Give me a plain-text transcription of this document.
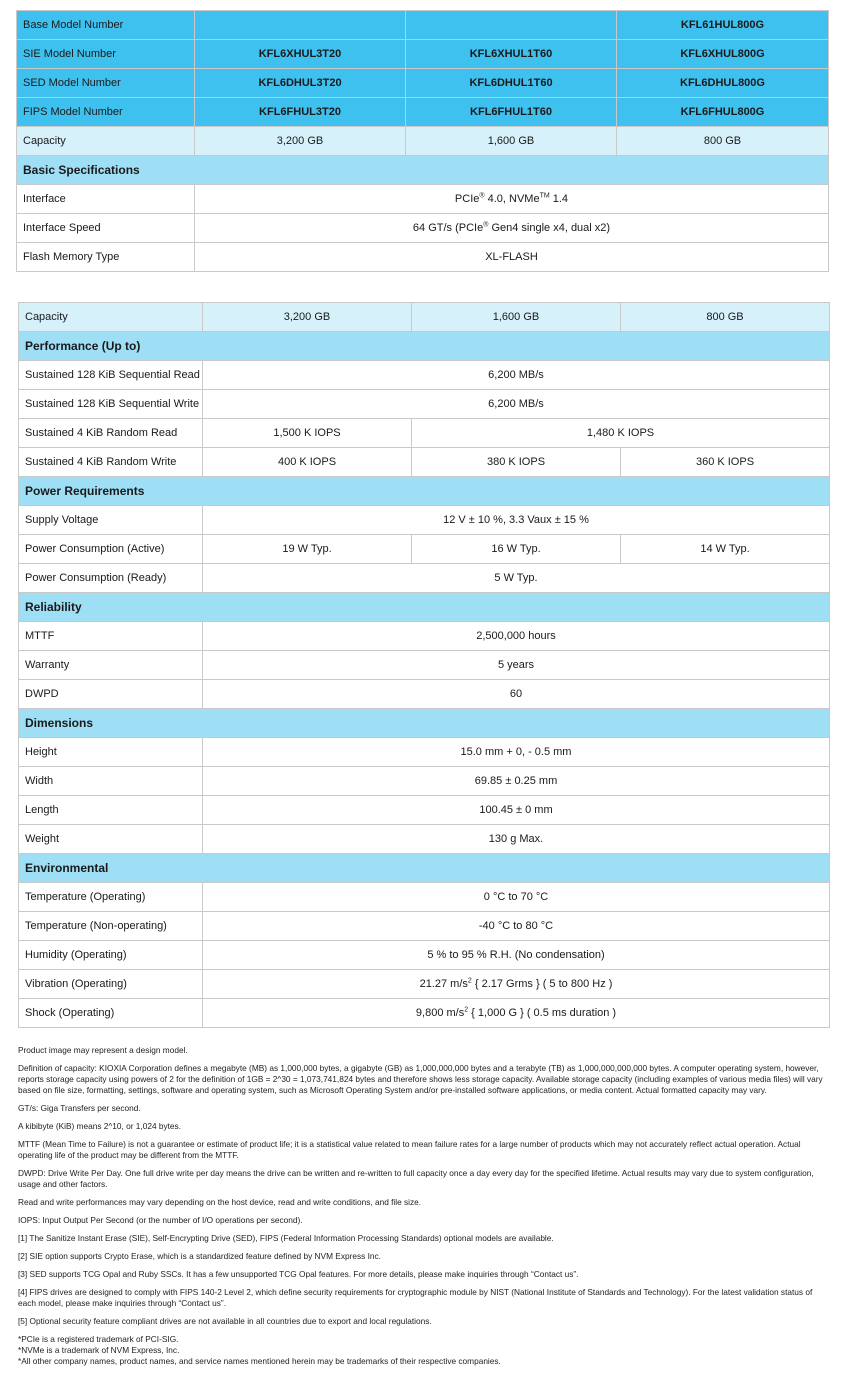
Base Model Number			KFL61HUL800G
SIE Model Number	KFL6XHUL3T20	KFL6XHUL1T60	KFL6XHUL800G
SED Model Number	KFL6DHUL3T20	KFL6DHUL1T60	KFL6DHUL800G
FIPS Model Number	KFL6FHUL3T20	KFL6FHUL1T60	KFL6FHUL800G
Capacity	3,200 GB	1,600 GB	800 GB
Basic Specifications			
Interface	PCIe® 4.0, NVMe™ 1.4		
Interface Speed	64 GT/s (PCIe® Gen4 single x4, dual x2)		
Flash Memory Type	XL-FLASH		
Capacity	3,200 GB	1,600 GB	800 GB
Performance (Up to)			
Sustained 128 KiB Sequential Read	6,200 MB/s		
Sustained 128 KiB Sequential Write	6,200 MB/s		
Sustained 4 KiB Random Read	1,500 K IOPS	1,480 K IOPS	
Sustained 4 KiB Random Write	400 K IOPS	380 K IOPS	360 K IOPS
Power Requirements			
Supply Voltage	12 V ± 10 %, 3.3 Vaux ± 15 %		
Power Consumption (Active)	19 W Typ.	16 W Typ.	14 W Typ.
Power Consumption (Ready)	5 W Typ.		
Reliability			
MTTF	2,500,000 hours		
Warranty	5 years		
DWPD	60		
Dimensions			
Height	15.0 mm + 0, - 0.5 mm		
Width	69.85 ± 0.25 mm		
Length	100.45 ± 0 mm		
Weight	130 g Max.		
Environmental			
Temperature (Operating)	0 °C to 70 °C		
Temperature (Non-operating)	-40 °C to 80 °C		
Humidity (Operating)	5 % to 95 % R.H. (No condensation)		
Vibration (Operating)	21.27 $m/s^2$ { 2.17 Grms } ( 5 to 800 Hz )		
Shock (Operating)	9,800 $m/s^2$ { 1,000 G } ( 0.5 ms duration )		

Product image may represent a design model.

Definition of capacity: KIOXIA Corporation defines a megabyte (MB) as 1,000,000 bytes, a gigabyte (GB) as 1,000,000,000 bytes and a terabyte (TB) as 1,000,000,000,000 bytes. A computer operating system, however, reports storage capacity using powers of 2 for the definition of 1GB = 2^30 = 1,073,741,824 bytes and therefore shows less storage capacity. Available storage capacity (including examples of various media files) will vary based on file size, formatting, settings, software and operating system, such as Microsoft Operating System and/or pre-installed software applications, or media content. Actual formatted capacity may vary.

GT/s: Giga Transfers per second.

A kibibyte (KiB) means 2^10, or 1,024 bytes.

MTTF (Mean Time to Failure) is not a guarantee or estimate of product life; it is a statistical value related to mean failure rates for a large number of products which may not accurately reflect actual operation. Actual operating life of the product may be different from the MTTF.

DWPD: Drive Write Per Day. One full drive write per day means the drive can be written and re-written to full capacity once a day every day for the specified lifetime. Actual results may vary due to system configuration, usage and other factors.

Read and write performances may vary depending on the host device, read and write conditions, and file size.

IOPS: Input Output Per Second (or the number of I/O operations per second).

[1] The Sanitize Instant Erase (SIE), Self-Encrypting Drive (SED), FIPS (Federal Information Processing Standards) optional models are available.

[2] SIE option supports Crypto Erase, which is a standardized feature defined by NVM Express Inc.

[3] SED supports TCG Opal and Ruby SSCs. It has a few unsupported TCG Opal features. For more details, please make inquiries through “Contact us”.

[4] FIPS drives are designed to comply with FIPS 140-2 Level 2, which define security requirements for cryptographic module by NIST (National Institute of Standards and Technology). For the latest validation status of each model, please make inquiries through “Contact us”.

[5] Optional security feature compliant drives are not available in all countries due to export and local regulations.

*PCIe is a registered trademark of PCI-SIG.

*NVMe is a trademark of NVM Express, Inc.

*All other company names, product names, and service names mentioned herein may be trademarks of their respective companies.
